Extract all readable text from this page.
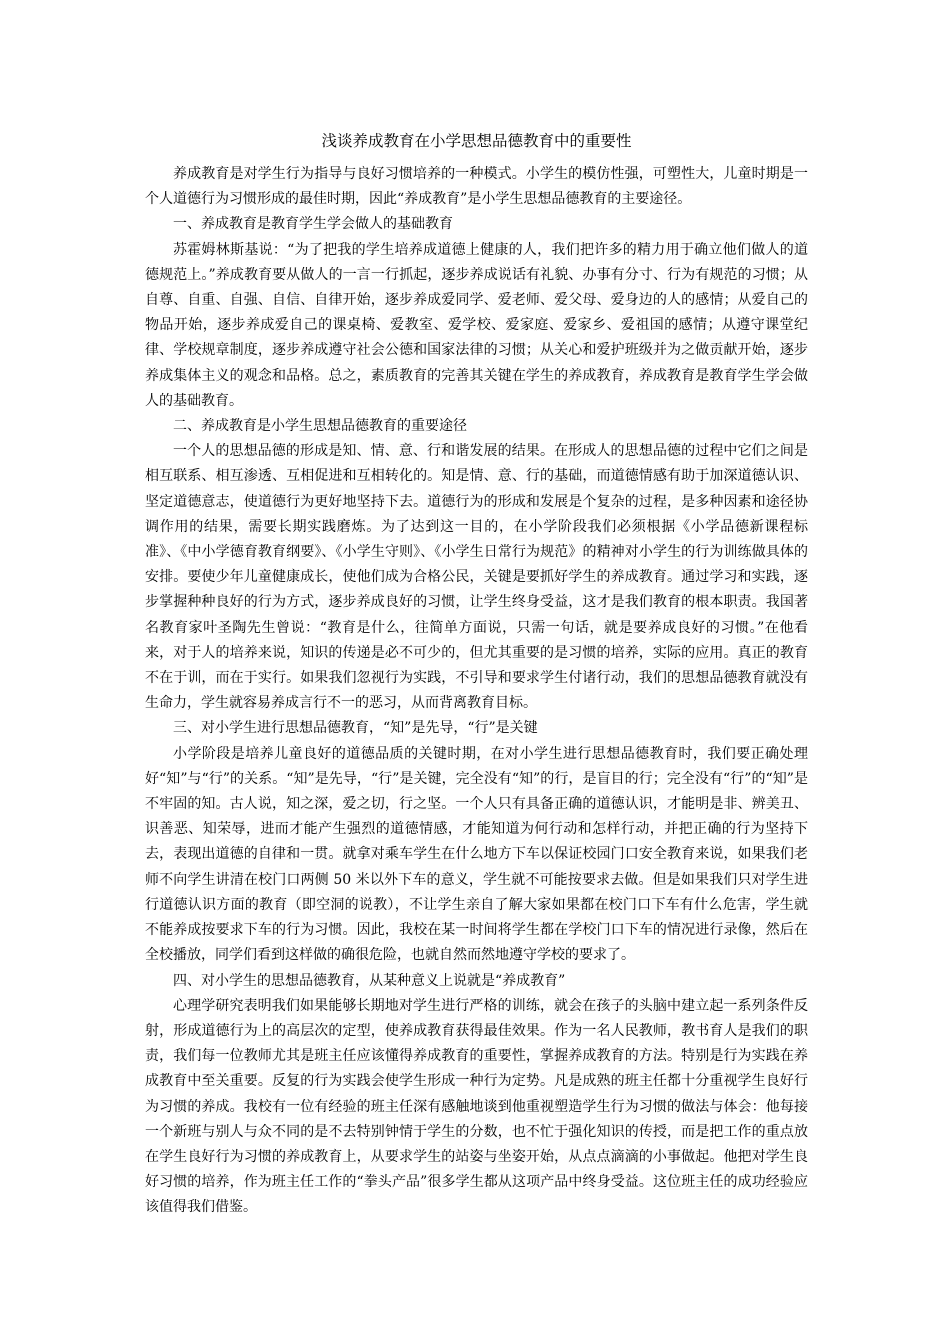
浅谈养成教育在小学思想品德教育中的重要性

养成教育是对学生行为指导与良好习惯培养的一种模式。小学生的模仿性强，可塑性大，儿童时期是一个人道德行为习惯形成的最佳时期，因此“养成教育”是小学生思想品德教育的主要途径。

一、养成教育是教育学生学会做人的基础教育

苏霍姆林斯基说：“为了把我的学生培养成道德上健康的人，我们把许多的精力用于确立他们做人的道德规范上。”养成教育要从做人的一言一行抓起，逐步养成说话有礼貌、办事有分寸、行为有规范的习惯；从自尊、自重、自强、自信、自律开始，逐步养成爱同学、爱老师、爱父母、爱身边的人的感情；从爱自己的物品开始，逐步养成爱自己的课桌椅、爱教室、爱学校、爱家庭、爱家乡、爱祖国的感情；从遵守课堂纪律、学校规章制度，逐步养成遵守社会公德和国家法律的习惯；从关心和爱护班级并为之做贡献开始，逐步养成集体主义的观念和品格。总之，素质教育的完善其关键在学生的养成教育，养成教育是教育学生学会做人的基础教育。

二、养成教育是小学生思想品德教育的重要途径

一个人的思想品德的形成是知、情、意、行和谐发展的结果。在形成人的思想品德的过程中它们之间是相互联系、相互渗透、互相促进和互相转化的。知是情、意、行的基础，而道德情感有助于加深道德认识、坚定道德意志，使道德行为更好地坚持下去。道德行为的形成和发展是个复杂的过程，是多种因素和途径协调作用的结果，需要长期实践磨炼。为了达到这一目的，在小学阶段我们必须根据《小学品德新课程标准》、《中小学德育教育纲要》、《小学生守则》、《小学生日常行为规范》的精神对小学生的行为训练做具体的安排。要使少年儿童健康成长，使他们成为合格公民，关键是要抓好学生的养成教育。通过学习和实践，逐步掌握种种良好的行为方式，逐步养成良好的习惯，让学生终身受益，这才是我们教育的根本职责。我国著名教育家叶圣陶先生曾说：“教育是什么，往简单方面说，只需一句话，就是要养成良好的习惯。”在他看来，对于人的培养来说，知识的传递是必不可少的，但尤其重要的是习惯的培养，实际的应用。真正的教育不在于训，而在于实行。如果我们忽视行为实践，不引导和要求学生付诸行动，我们的思想品德教育就没有生命力，学生就容易养成言行不一的恶习，从而背离教育目标。

三、对小学生进行思想品德教育，“知”是先导，“行”是关键

小学阶段是培养儿童良好的道德品质的关键时期，在对小学生进行思想品德教育时，我们要正确处理好“知”与“行”的关系。“知”是先导，“行”是关键，完全没有“知”的行，是盲目的行；完全没有“行”的“知”是不牢固的知。古人说，知之深，爱之切，行之坚。一个人只有具备正确的道德认识，才能明是非、辨美丑、识善恶、知荣辱，进而才能产生强烈的道德情感，才能知道为何行动和怎样行动，并把正确的行为坚持下去，表现出道德的自律和一贯。就拿对乘车学生在什么地方下车以保证校园门口安全教育来说，如果我们老师不向学生讲清在校门口两侧 50 米以外下车的意义，学生就不可能按要求去做。但是如果我们只对学生进行道德认识方面的教育（即空洞的说教），不让学生亲自了解大家如果都在校门口下车有什么危害，学生就不能养成按要求下车的行为习惯。因此，我校在某一时间将学生都在学校门口下车的情况进行录像，然后在全校播放，同学们看到这样做的确很危险，也就自然而然地遵守学校的要求了。

四、对小学生的思想品德教育，从某种意义上说就是“养成教育”

心理学研究表明我们如果能够长期地对学生进行严格的训练，就会在孩子的头脑中建立起一系列条件反射，形成道德行为上的高层次的定型，使养成教育获得最佳效果。作为一名人民教师，教书育人是我们的职责，我们每一位教师尤其是班主任应该懂得养成教育的重要性，掌握养成教育的方法。特别是行为实践在养成教育中至关重要。反复的行为实践会使学生形成一种行为定势。凡是成熟的班主任都十分重视学生良好行为习惯的养成。我校有一位有经验的班主任深有感触地谈到他重视塑造学生行为习惯的做法与体会：他每接一个新班与别人与众不同的是不去特别钟情于学生的分数，也不忙于强化知识的传授，而是把工作的重点放在学生良好行为习惯的养成教育上，从要求学生的站姿与坐姿开始，从点点滴滴的小事做起。他把对学生良好习惯的培养，作为班主任工作的“拳头产品”很多学生都从这项产品中终身受益。这位班主任的成功经验应该值得我们借鉴。
